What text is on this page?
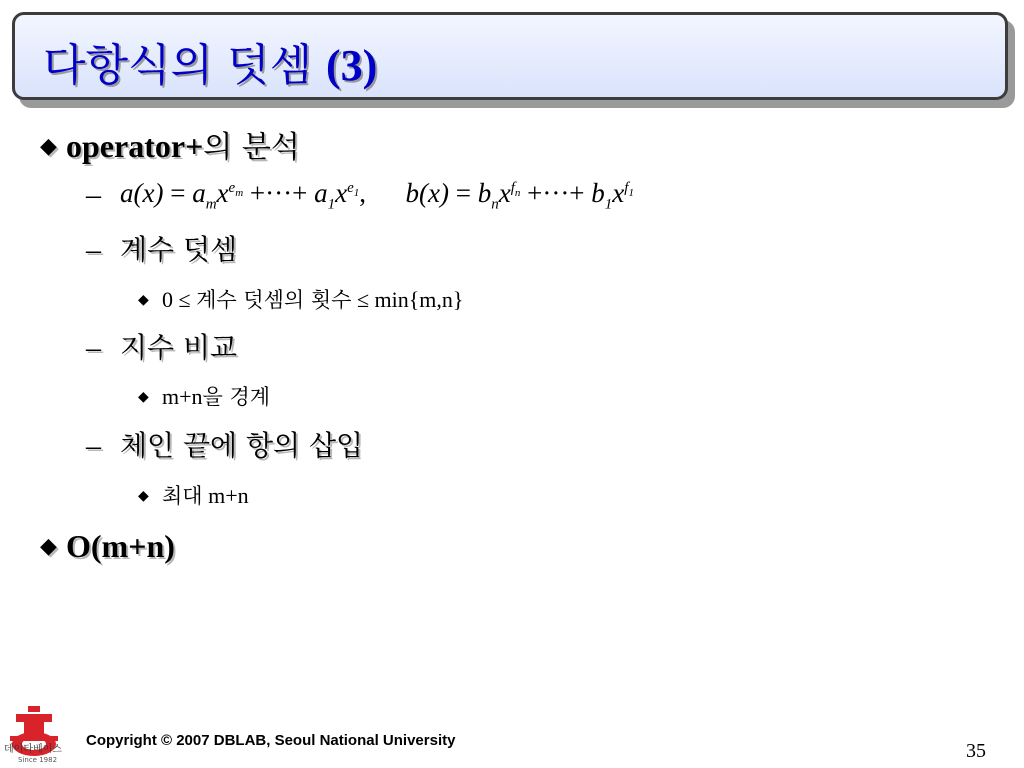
다항식의 덧셈 (3)
◆ operator+의 분석
– $a(x) = a_mx^{e_m}$ +···+ $a_1x^{e_1}$, $b(x) = b_nx^{f_n}$ +···+ $b_1x^{f_1}$
– 계수 덧셈
◆ 0 ≤ 계수 덧셈의 횟수 ≤ min{m,n}
– 지수 비교
◆ m+n을 경계
– 체인 끝에 항의 삽입
◆ 최대 m+n
◆ O(m+n)
데이타베이스
Since 1982
Copyright © 2007 DBLAB, Seoul National University	35
